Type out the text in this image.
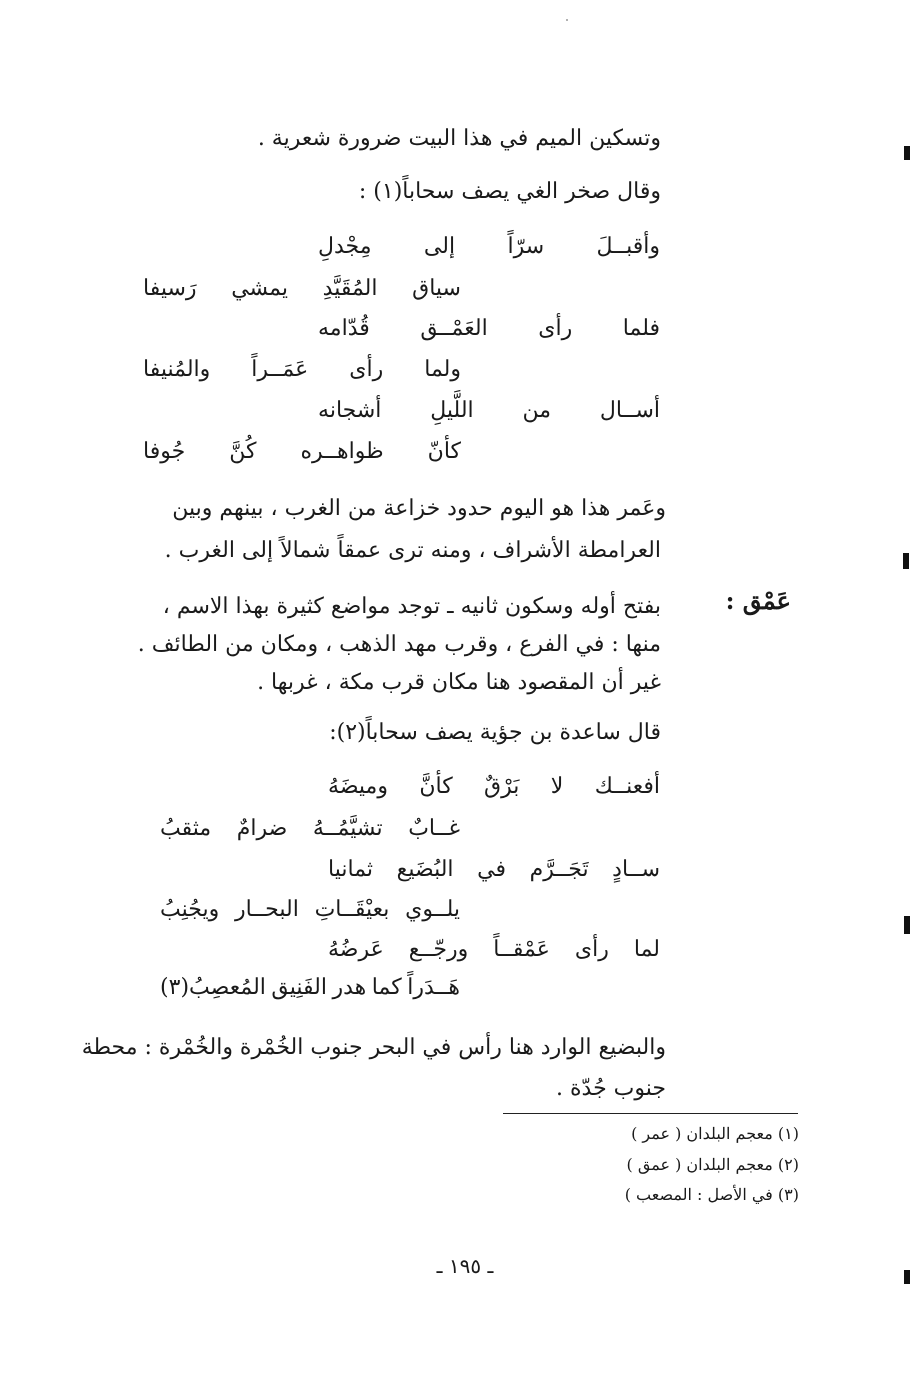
وتسكين الميم في هذا البيت ضرورة شعرية .
وقال صخر الغي يصف سحاباً(١) :
وأقبــلَ
سرّاً
إلى
مِجْدلِ
سياق
المُقَيَّدِ
يمشي
رَسيفا
فلما
رأى
العَمْــق
قُدّامه
ولما
رأى
عَمَــراً
والمُنيفا
أســال
من
اللَّيلِ
أشجانه
كأنّ
ظواهــره
كُنَّ
جُوفا
وعَمر هذا هو اليوم حدود خزاعة من الغرب ، بينهم وبين
العرامطة الأشراف ، ومنه ترى عمقاً شمالاً إلى الغرب .
عَمْق :
بفتح أوله وسكون ثانيه ـ توجد مواضع كثيرة بهذا الاسم ،
منها : في الفرع ، وقرب مهد الذهب ، ومكان من الطائف .
غير أن المقصود هنا مكان قرب مكة ، غربها .
قال ساعدة بن جؤية يصف سحاباً(٢):
أفعنــك
لا
بَرْقٌ
كأنَّ
وميضَهُ
غــابٌ
تشيَّمُــهُ
ضرامٌ
مثقبُ
ســادٍ
تَجَــرَّم
في
البُضَيع
ثمانيا
يلــوي
بعيْقَــاتِ
البحــار
ويجُنِبُ
لما
رأى
عَمْقــاً
ورجّــع
عَرضُهُ
هَــدَراً
كما
هدر
الفَنِيق
المُعصِبُ(٣)
والبضيع الوارد هنا رأس في البحر جنوب الخُمْرة والخُمْرة : محطة
جنوب جُدّة .
(١) معجم البلدان ( عمر )
(٢) معجم البلدان ( عمق )
(٣) في الأصل : المصعب )
ـ ١٩٥ ـ
